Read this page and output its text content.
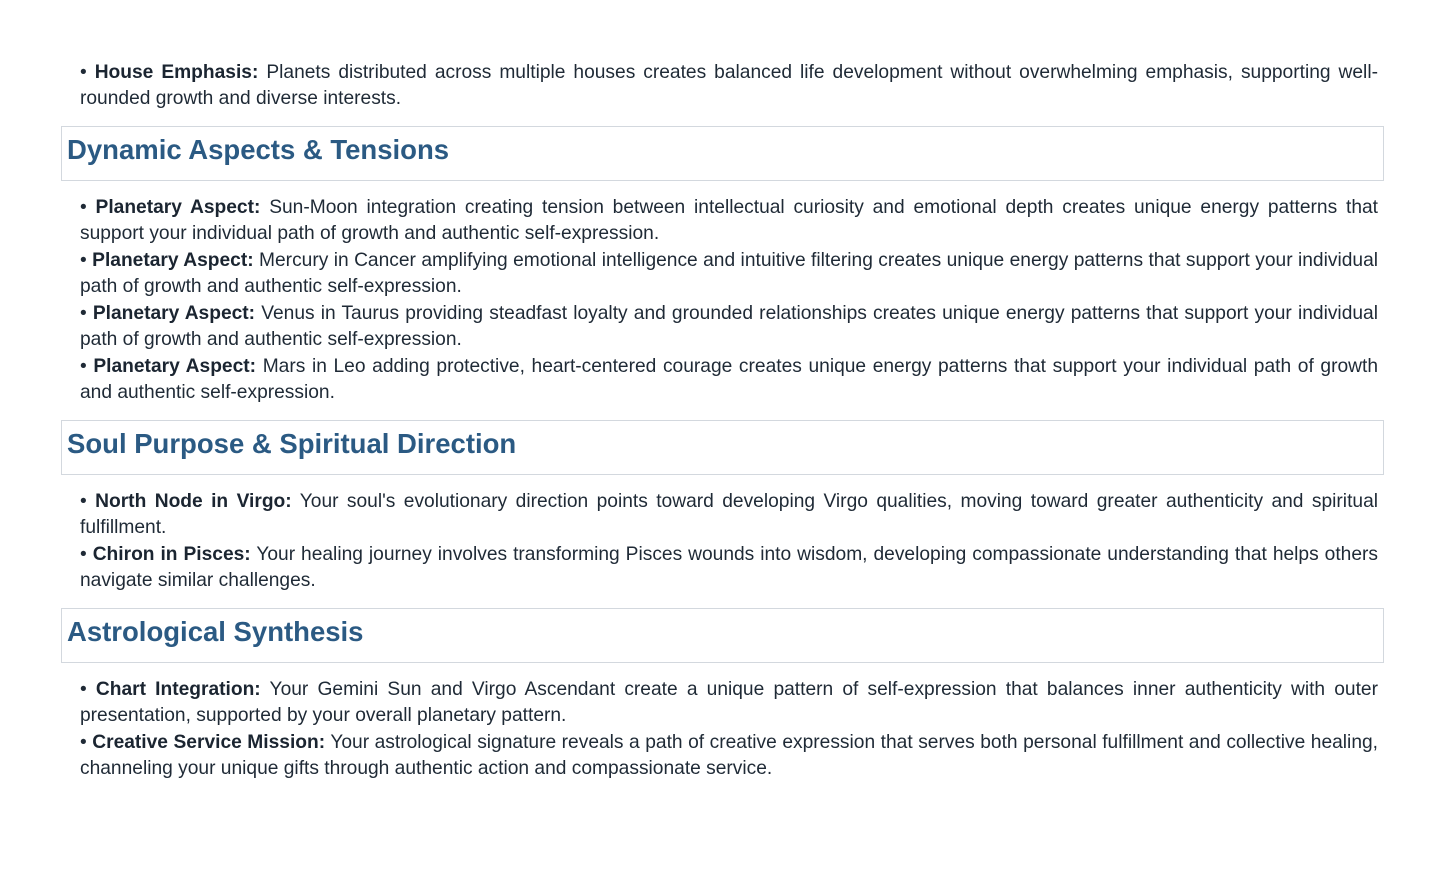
• House Emphasis: Planets distributed across multiple houses creates balanced life development without overwhelming emphasis, supporting well-rounded growth and diverse interests.

Dynamic Aspects & Tensions

• Planetary Aspect: Sun-Moon integration creating tension between intellectual curiosity and emotional depth creates unique energy patterns that support your individual path of growth and authentic self-expression.

• Planetary Aspect: Mercury in Cancer amplifying emotional intelligence and intuitive filtering creates unique energy patterns that support your individual path of growth and authentic self-expression.

• Planetary Aspect: Venus in Taurus providing steadfast loyalty and grounded relationships creates unique energy patterns that support your individual path of growth and authentic self-expression.

• Planetary Aspect: Mars in Leo adding protective, heart-centered courage creates unique energy patterns that support your individual path of growth and authentic self-expression.

Soul Purpose & Spiritual Direction

• North Node in Virgo: Your soul's evolutionary direction points toward developing Virgo qualities, moving toward greater authenticity and spiritual fulfillment.

• Chiron in Pisces: Your healing journey involves transforming Pisces wounds into wisdom, developing compassionate understanding that helps others navigate similar challenges.

Astrological Synthesis

• Chart Integration: Your Gemini Sun and Virgo Ascendant create a unique pattern of self-expression that balances inner authenticity with outer presentation, supported by your overall planetary pattern.

• Creative Service Mission: Your astrological signature reveals a path of creative expression that serves both personal fulfillment and collective healing, channeling your unique gifts through authentic action and compassionate service.
